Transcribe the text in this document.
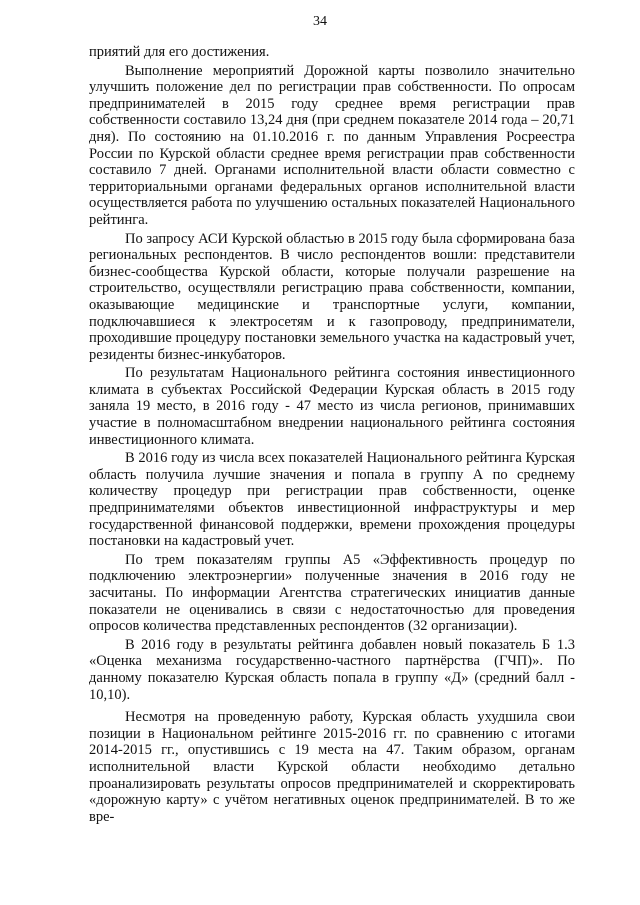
34

приятий для его достижения.

Выполнение мероприятий Дорожной карты позволило значительно улучшить положение дел по регистрации прав собственности. По опросам предпринимателей в 2015 году среднее время регистрации прав собственности составило 13,24 дня (при среднем показателе 2014 года – 20,71 дня). По состоянию на 01.10.2016 г. по данным Управления Росреестра России по Курской области среднее время регистрации прав собственности составило 7 дней. Органами исполнительной власти области совместно с территориальными органами федеральных органов исполнительной власти осуществляется работа по улучшению остальных показателей Национального рейтинга.

По запросу АСИ Курской областью в 2015 году была сформирована база региональных респондентов. В число респондентов вошли: представители бизнес-сообщества Курской области, которые получали разрешение на строительство, осуществляли регистрацию права собственности, компании, оказывающие медицинские и транспортные услуги, компании, подключавшиеся к электросетям и к газопроводу, предприниматели, проходившие процедуру постановки земельного участка на кадастровый учет, резиденты бизнес-инкубаторов.

По результатам Национального рейтинга состояния инвестиционного климата в субъектах Российской Федерации Курская область в 2015 году заняла 19 место, в 2016 году - 47 место из числа регионов, принимавших участие в полномасштабном внедрении национального рейтинга состояния инвестиционного климата.

В 2016 году из числа всех показателей Национального рейтинга Курская область получила лучшие значения и попала в группу А по среднему количеству процедур при регистрации прав собственности, оценке предпринимателями объектов инвестиционной инфраструктуры и мер государственной финансовой поддержки, времени прохождения процедуры постановки на кадастровый учет.

По трем показателям группы А5 «Эффективность процедур по подключению электроэнергии» полученные значения в 2016 году не засчитаны. По информации Агентства стратегических инициатив данные показатели не оценивались в связи с недостаточностью для проведения опросов количества представленных респондентов (32 организации).

В 2016 году в результаты рейтинга добавлен новый показатель Б 1.3 «Оценка механизма государственно-частного партнёрства (ГЧП)». По данному показателю Курская область попала в группу «Д» (средний балл - 10,10).

Несмотря на проведенную работу, Курская область ухудшила свои позиции в Национальном рейтинге 2015-2016 гг. по сравнению с итогами 2014-2015 гг., опустившись с 19 места на 47. Таким образом, органам исполнительной власти Курской области необходимо детально проанализировать результаты опросов предпринимателей и скорректировать «дорожную карту» с учётом негативных оценок предпринимателей. В то же вре-
